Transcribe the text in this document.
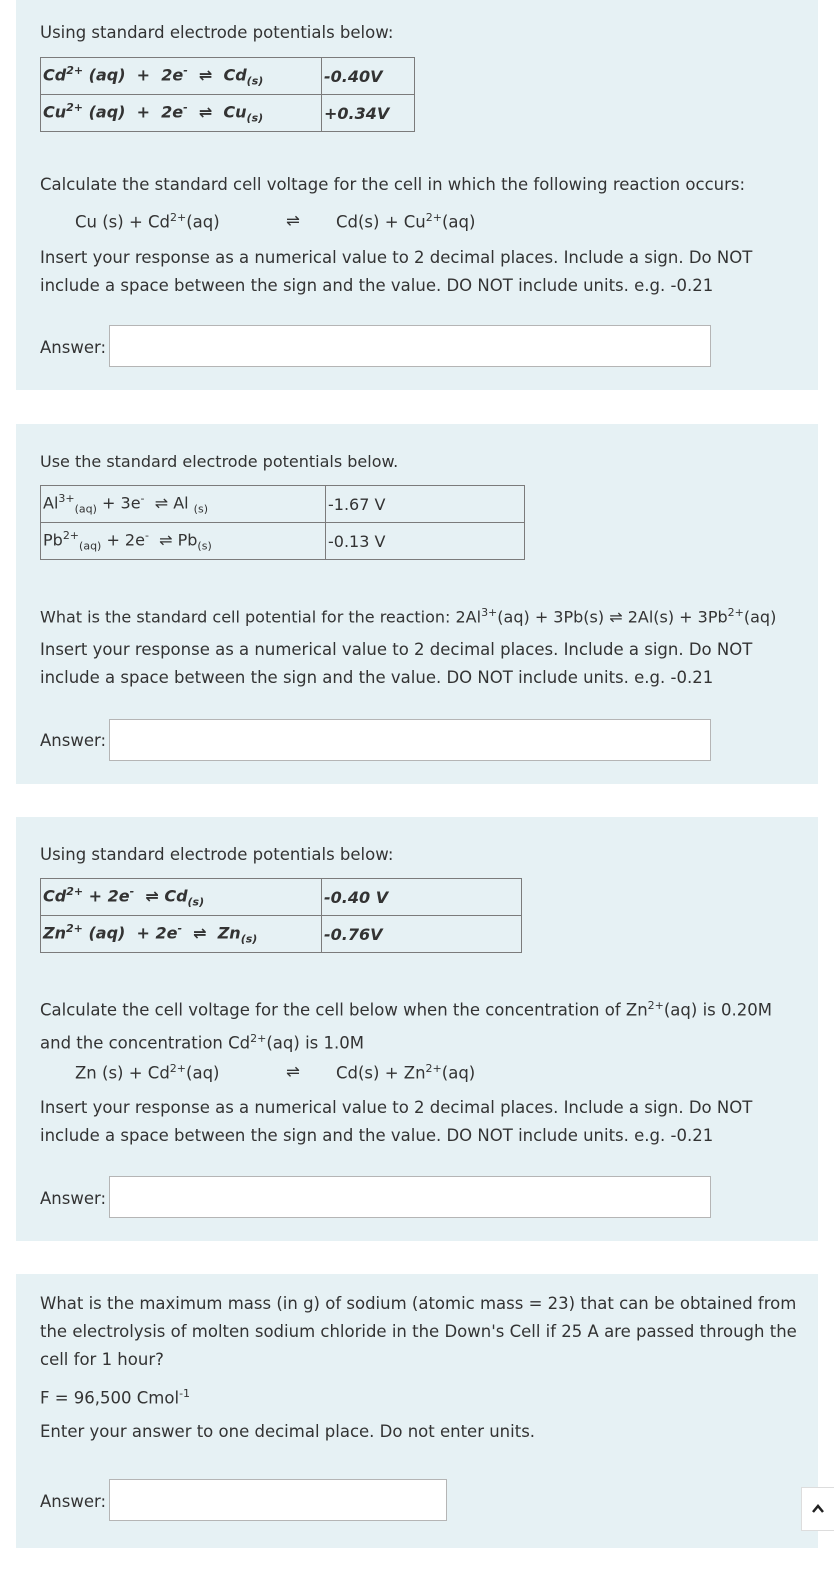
Using standard electrode potentials below:
$Cd^{2+}$ (aq)  +  2e-  ⇌  $Cd_{(s)}$	-0.40V
$Cu^{2+}$ (aq)  +  2e-  ⇌  $Cu_{(s)}$	+0.34V
Calculate the standard cell voltage for the cell in which the following reaction occurs:
Cu $(s) + Cd^{2+}(aq)$	⇌ $Cd(s) + Cu^{2+}(aq)$
Insert your response as a numerical value to 2 decimal places. Include a sign. Do NOT include a space between the sign and the value. DO NOT include units. e.g. -0.21
Answer:
Use the standard electrode potentials below.
$Al^{3+}_{(aq)} + 3e^-$  ⇌ Al $_{(s)}$	-1.67 V
$Pb^{2+}_{(aq)} + 2e^-$  ⇌ $Pb_{(s)}$	-0.13 V
What is the standard cell potential for the reaction: $2Al^{3+}(aq) + 3Pb(s)$ ⇌ $2Al(s) + 3Pb^{2+}(aq)$
Insert your response as a numerical value to 2 decimal places. Include a sign. Do NOT include a space between the sign and the value. DO NOT include units. e.g. -0.21
Answer:
Using standard electrode potentials below:
$Cd^{2+} + 2e^-$  ⇌ $Cd_{(s)}$	-0.40 V
$Zn^{2+}$ (aq) + 2e-  ⇌  $Zn_{(s)}$	-0.76V
Calculate the cell voltage for the cell below when the concentration of $Zn^{2+}(aq)$ is 0.20M and the concentration $Cd^{2+}(aq)$ is 1.0M
Zn $(s) + Cd^{2+}(aq)$	⇌ $Cd(s) + Zn^{2+}(aq)$
Insert your response as a numerical value to 2 decimal places. Include a sign. Do NOT include a space between the sign and the value. DO NOT include units. e.g. -0.21
Answer:
What is the maximum mass (in g) of sodium (atomic mass = 23) that can be obtained from the electrolysis of molten sodium chloride in the Down's Cell if 25 A are passed through the cell for 1 hour?
F = 96,500 Cmol$^{-1}$
Enter your answer to one decimal place. Do not enter units.
Answer:
